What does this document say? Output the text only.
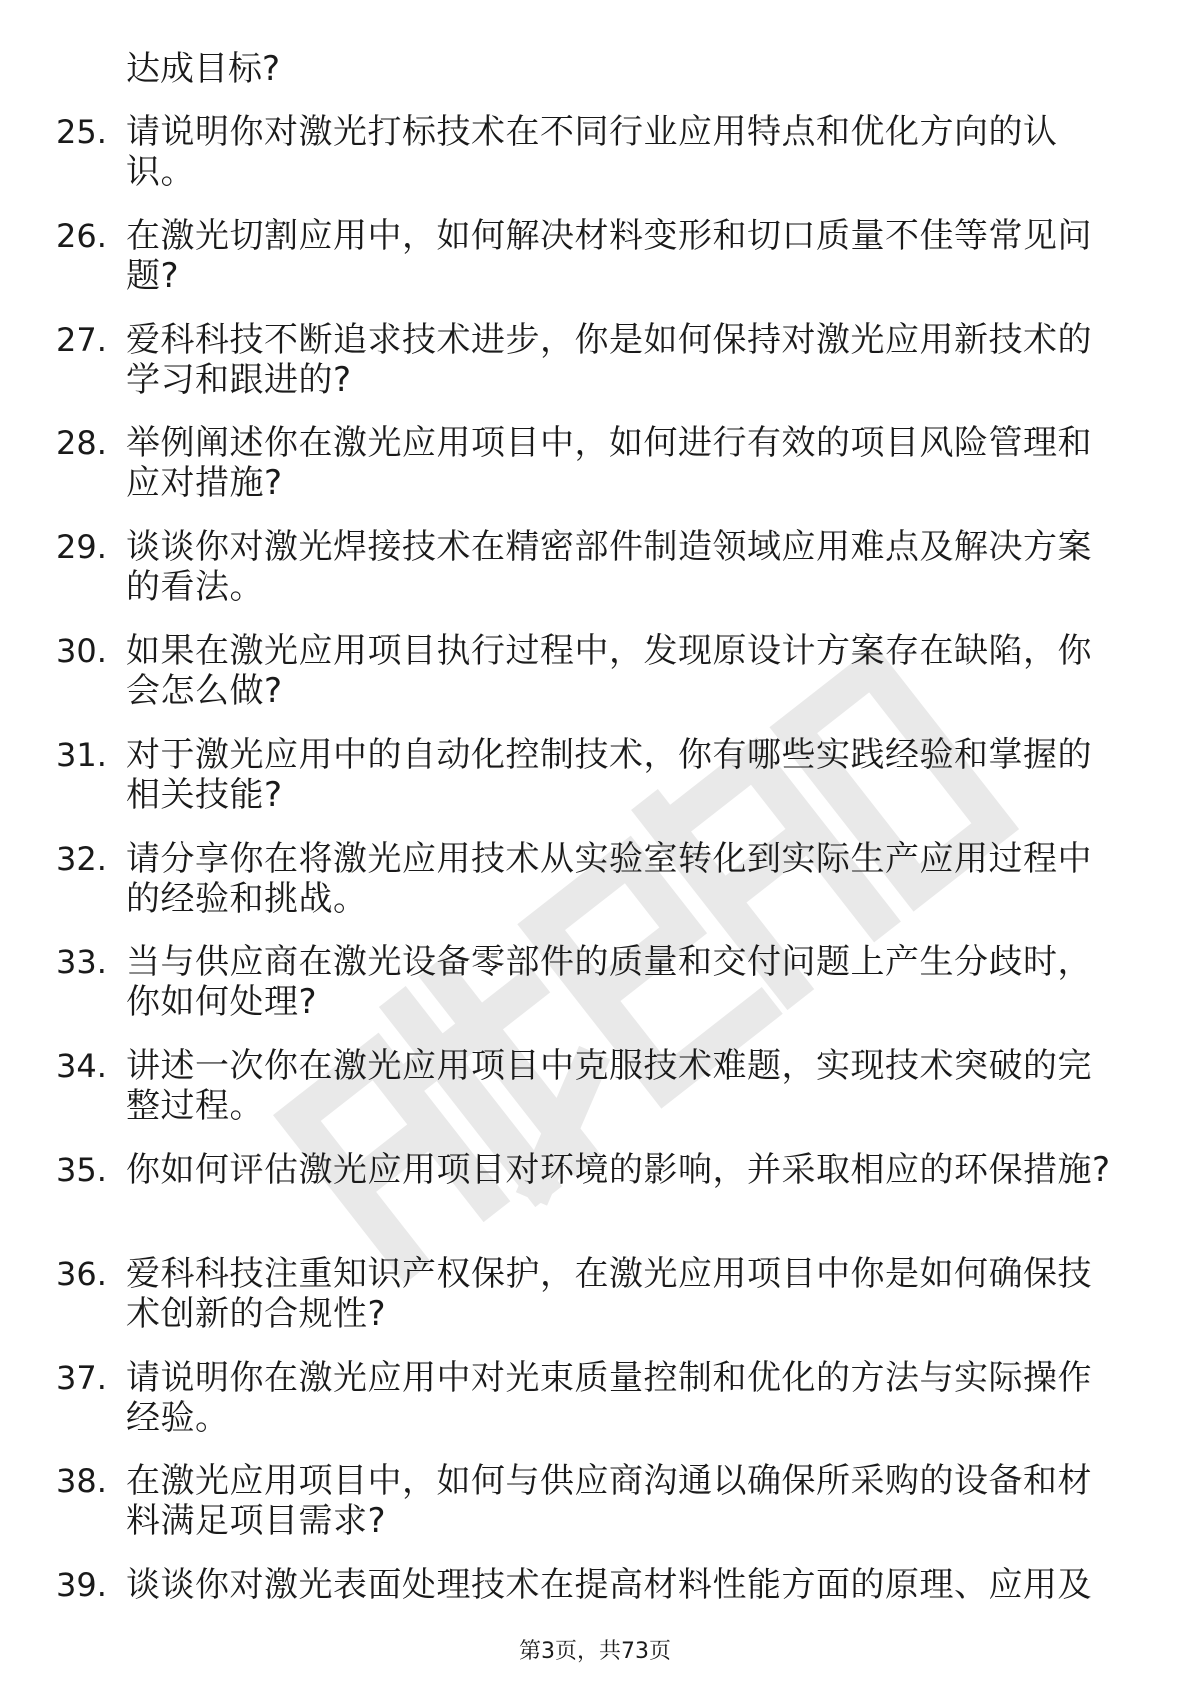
达成目标?

25. 请说明你对激光打标技术在不同行业应用特点和优化方向的认识。
26. 在激光切割应用中，如何解决材料变形和切口质量不佳等常见问题?
27. 爱科科技不断追求技术进步，你是如何保持对激光应用新技术的学习和跟进的?
28. 举例阐述你在激光应用项目中，如何进行有效的项目风险管理和应对措施?
29. 谈谈你对激光焊接技术在精密部件制造领域应用难点及解决方案的看法。
30. 如果在激光应用项目执行过程中，发现原设计方案存在缺陷，你会怎么做?
31. 对于激光应用中的自动化控制技术，你有哪些实践经验和掌握的相关技能?
32. 请分享你在将激光应用技术从实验室转化到实际生产应用过程中的经验和挑战。
33. 当与供应商在激光设备零部件的质量和交付问题上产生分歧时，你如何处理?
34. 讲述一次你在激光应用项目中克服技术难题，实现技术突破的完整过程。
35. 你如何评估激光应用项目对环境的影响，并采取相应的环保措施?
36. 爱科科技注重知识产权保护，在激光应用项目中你是如何确保技术创新的合规性?
37. 请说明你在激光应用中对光束质量控制和优化的方法与实际操作经验。
38. 在激光应用项目中，如何与供应商沟通以确保所采购的设备和材料满足项目需求?
39. 谈谈你对激光表面处理技术在提高材料性能方面的原理、应用及
第3页，共73页
